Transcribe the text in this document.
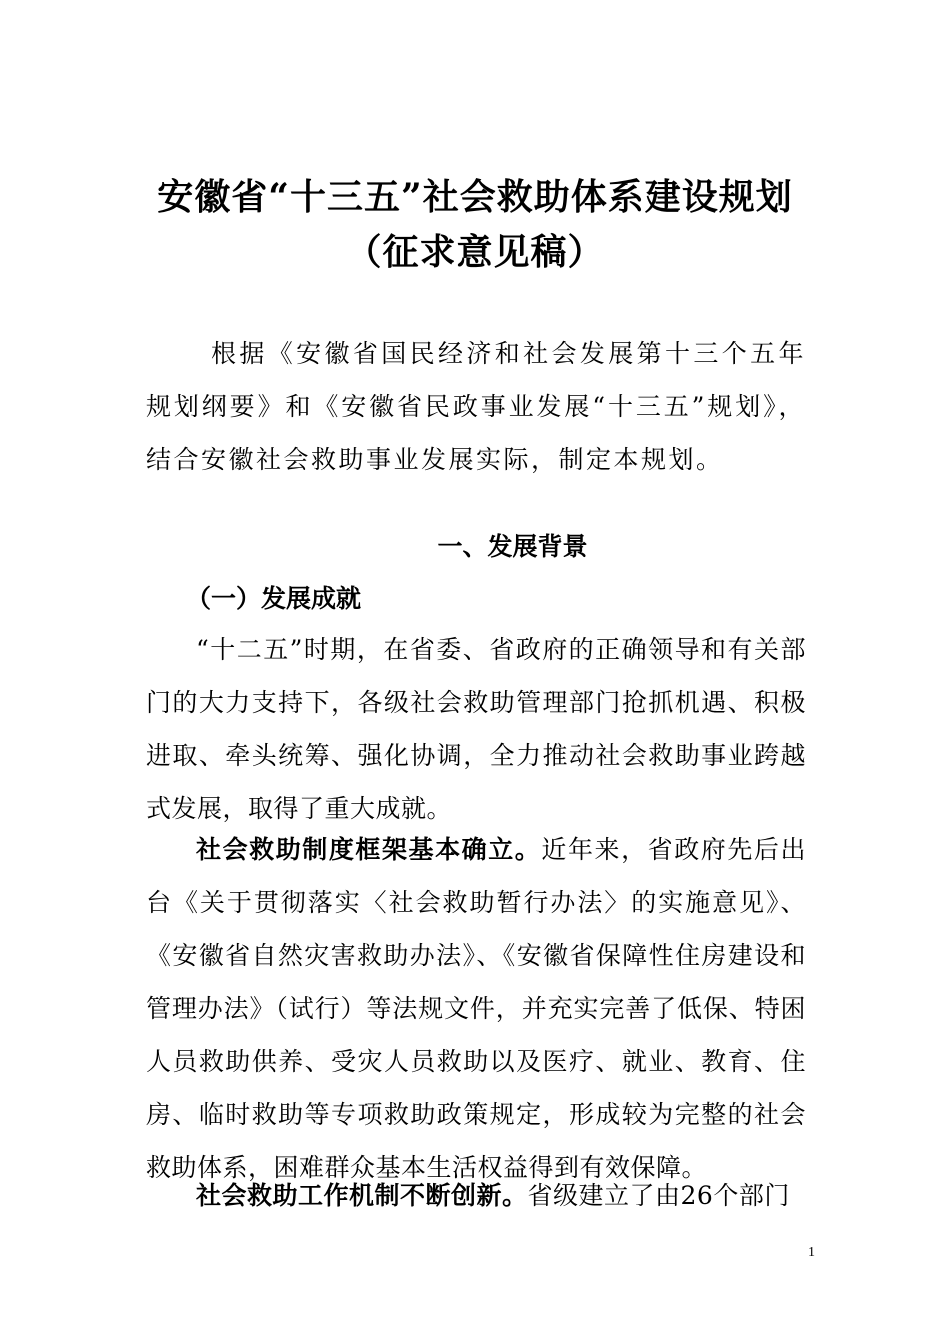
安徽省“十三五”社会救助体系建设规划
（征求意见稿）

根据《安徽省国民经济和社会发展第十三个五年规划纲要》和《安徽省民政事业发展“十三五”规划》，结合安徽社会救助事业发展实际，制定本规划。

一、发展背景
（一）发展成就

“十二五”时期，在省委、省政府的正确领导和有关部门的大力支持下，各级社会救助管理部门抢抓机遇、积极进取、牵头统筹、强化协调，全力推动社会救助事业跨越式发展，取得了重大成就。

社会救助制度框架基本确立。近年来，省政府先后出台《关于贯彻落实〈社会救助暂行办法〉的实施意见》、《安徽省自然灾害救助办法》、《安徽省保障性住房建设和管理办法》（试行）等法规文件，并充实完善了低保、特困人员救助供养、受灾人员救助以及医疗、就业、教育、住房、临时救助等专项救助政策规定，形成较为完整的社会救助体系，困难群众基本生活权益得到有效保障。

社会救助工作机制不断创新。省级建立了由26个部门

1
